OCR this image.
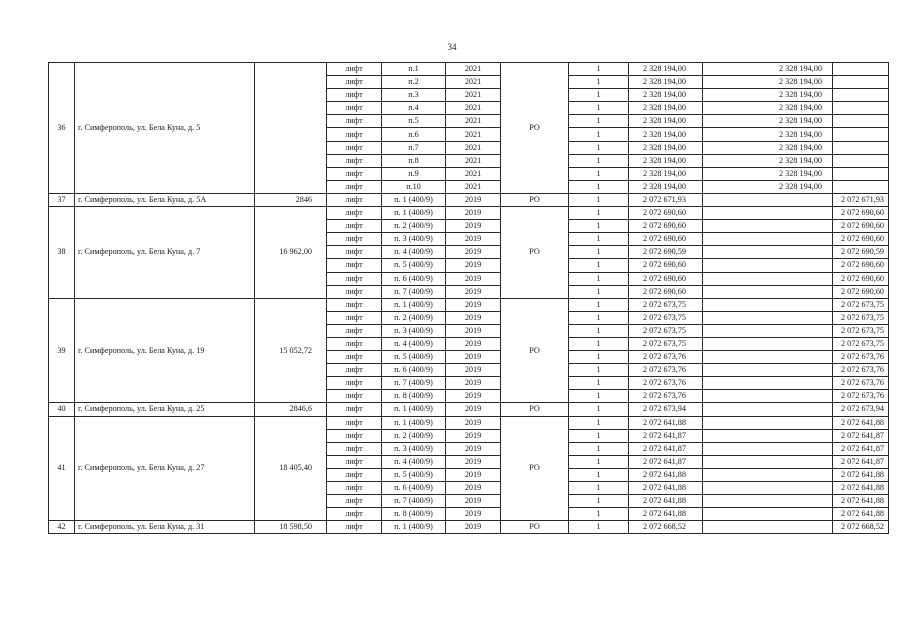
34
36	г. Симферополь, ул. Бела Куна, д. 5		лифт	п.1	2021	РО	1	2 328 194,00	2 328 194,00	
			лифт	п.2	2021		1	2 328 194,00	2 328 194,00	
			лифт	п.3	2021		1	2 328 194,00	2 328 194,00	
			лифт	п.4	2021		1	2 328 194,00	2 328 194,00	
			лифт	п.5	2021		1	2 328 194,00	2 328 194,00	
			лифт	п.6	2021		1	2 328 194,00	2 328 194,00	
			лифт	п.7	2021		1	2 328 194,00	2 328 194,00	
			лифт	п.8	2021		1	2 328 194,00	2 328 194,00	
			лифт	п.9	2021		1	2 328 194,00	2 328 194,00	
			лифт	п.10	2021		1	2 328 194,00	2 328 194,00	
37	г. Симферополь, ул. Бела Куна, д. 5А	2846	лифт	п. 1 (400/9)	2019	РО	1	2 072 671,93		2 072 671,93
38	г. Симферополь, ул. Бела Куна, д. 7	16 962,00	лифт	п. 1 (400/9)	2019	РО	1	2 072 690,60		2 072 690,60
			лифт	п. 2 (400/9)	2019		1	2 072 690,60		2 072 690,60
			лифт	п. 3 (400/9)	2019		1	2 072 690,60		2 072 690,60
			лифт	п. 4 (400/9)	2019		1	2 072 690,59		2 072 690,59
			лифт	п. 5 (400/9)	2019		1	2 072 690,60		2 072 690,60
			лифт	п. 6 (400/9)	2019		1	2 072 690,60		2 072 690,60
			лифт	п. 7 (400/9)	2019		1	2 072 690,60		2 072 690,60
39	г. Симферополь, ул. Бела Куна, д. 19	15 052,72	лифт	п. 1 (400/9)	2019	РО	1	2 072 673,75		2 072 673,75
			лифт	п. 2 (400/9)	2019		1	2 072 673,75		2 072 673,75
			лифт	п. 3 (400/9)	2019		1	2 072 673,75		2 072 673,75
			лифт	п. 4 (400/9)	2019		1	2 072 673,75		2 072 673,75
			лифт	п. 5 (400/9)	2019		1	2 072 673,76		2 072 673,76
			лифт	п. 6 (400/9)	2019		1	2 072 673,76		2 072 673,76
			лифт	п. 7 (400/9)	2019		1	2 072 673,76		2 072 673,76
			лифт	п. 8 (400/9)	2019		1	2 072 673,76		2 072 673,76
40	г. Симферополь, ул. Бела Куна, д. 25	2846,6	лифт	п. 1 (400/9)	2019	РО	1	2 072 673,94		2 072 673,94
41	г. Симферополь, ул. Бела Куна, д. 27	18 405,40	лифт	п. 1 (400/9)	2019	РО	1	2 072 641,88		2 072 641,88
			лифт	п. 2 (400/9)	2019		1	2 072 641,87		2 072 641,87
			лифт	п. 3 (400/9)	2019		1	2 072 641,87		2 072 641,87
			лифт	п. 4 (400/9)	2019		1	2 072 641,87		2 072 641,87
			лифт	п. 5 (400/9)	2019		1	2 072 641,88		2 072 641,88
			лифт	п. 6 (400/9)	2019		1	2 072 641,88		2 072 641,88
			лифт	п. 7 (400/9)	2019		1	2 072 641,88		2 072 641,88
			лифт	п. 8 (400/9)	2019		1	2 072 641,88		2 072 641,88
42	г. Симферополь, ул. Бела Куна, д. 31	18 598,50	лифт	п. 1 (400/9)	2019	РО	1	2 072 668,52		2 072 668,52
